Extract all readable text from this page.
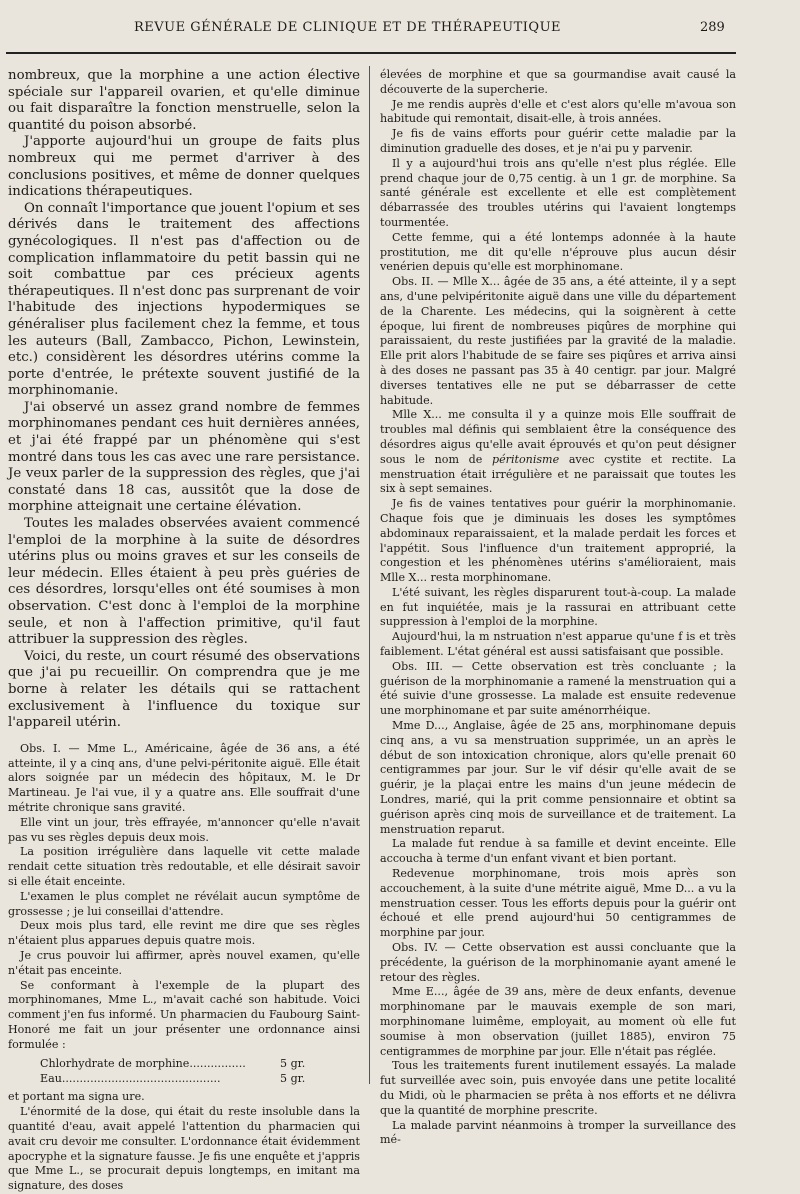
REVUE GÉNÉRALE DE CLINIQUE ET DE THÉRAPEUTIQUE	289

nombreux, que la morphine a une action élective spéciale sur l'appareil ovarien, et qu'elle diminue ou fait disparaître la fonction menstruelle, selon la quantité du poison absorbé.

J'apporte aujourd'hui un groupe de faits plus nombreux qui me permet d'arriver à des conclusions positives, et même de donner quelques indications thérapeutiques.

On connaît l'importance que jouent l'opium et ses dérivés dans le traitement des affections gynécologiques. Il n'est pas d'affection ou de complication inflammatoire du petit bassin qui ne soit combattue par ces précieux agents thérapeutiques. Il n'est donc pas surprenant de voir l'habitude des injections hypodermiques se généraliser plus facilement chez la femme, et tous les auteurs (Ball, Zambacco, Pichon, Lewinstein, etc.) considèrent les désordres utérins comme la porte d'entrée, le prétexte souvent justifié de la morphinomanie.

J'ai observé un assez grand nombre de femmes morphinomanes pendant ces huit dernières années, et j'ai été frappé par un phénomène qui s'est montré dans tous les cas avec une rare persistance. Je veux parler de la suppression des règles, que j'ai constaté dans 18 cas, aussitôt que la dose de morphine atteignait une certaine élévation.

Toutes les malades observées avaient commencé l'emploi de la morphine à la suite de désordres utérins plus ou moins graves et sur les conseils de leur médecin. Elles étaient à peu près guéries de ces désordres, lorsqu'elles ont été soumises à mon observation. C'est donc à l'emploi de la morphine seule, et non à l'affection primitive, qu'il faut attribuer la suppression des règles.

Voici, du reste, un court résumé des observations que j'ai pu recueillir. On comprendra que je me borne à relater les détails qui se rattachent exclusivement à l'influence du toxique sur l'appareil utérin.

Obs. I. — Mme L., Américaine, âgée de 36 ans, a été atteinte, il y a cinq ans, d'une pelvi-péritonite aiguë. Elle était alors soignée par un médecin des hôpitaux, M. le Dr Martineau. Je l'ai vue, il y a quatre ans. Elle souffrait d'une métrite chronique sans gravité.

Elle vint un jour, très effrayée, m'annoncer qu'elle n'avait pas vu ses règles depuis deux mois.

La position irrégulière dans laquelle vit cette malade rendait cette situation très redoutable, et elle désirait savoir si elle était enceinte.

L'examen le plus complet ne révélait aucun symptôme de grossesse ; je lui conseillai d'attendre.

Deux mois plus tard, elle revint me dire que ses règles n'étaient plus apparues depuis quatre mois.

Je crus pouvoir lui affirmer, après nouvel examen, qu'elle n'était pas enceinte.

Se conformant à l'exemple de la plupart des morphinomanes, Mme L., m'avait caché son habitude. Voici comment j'en fus informé. Un pharmacien du Faubourg Saint-Honoré me fait un jour présenter une ordonnance ainsi formulée :

Chlorhydrate de morphine................	5 gr.
Eau.............................................	5 gr.

et portant ma signa ure.

L'énormité de la dose, qui était du reste insoluble dans la quantité d'eau, avait appelé l'attention du pharmacien qui avait cru devoir me consulter. L'ordonnance était évidemment apocryphe et la signature fausse. Je fis une enquête et j'appris que Mme L., se procurait depuis longtemps, en imitant ma signature, des doses

élevées de morphine et que sa gourmandise avait causé la découverte de la supercherie.

Je me rendis auprès d'elle et c'est alors qu'elle m'avoua son habitude qui remontait, disait-elle, à trois années.

Je fis de vains efforts pour guérir cette maladie par la diminution graduelle des doses, et je n'ai pu y parvenir.

Il y a aujourd'hui trois ans qu'elle n'est plus réglée. Elle prend chaque jour de 0,75 centig. à un 1 gr. de morphine. Sa santé générale est excellente et elle est complètement débarrassée des troubles utérins qui l'avaient longtemps tourmentée.

Cette femme, qui a été lontemps adonnée à la haute prostitution, me dit qu'elle n'éprouve plus aucun désir venérien depuis qu'elle est morphinomane.

Obs. II. — Mlle X... âgée de 35 ans, a été atteinte, il y a sept ans, d'une pelvipéritonite aiguë dans une ville du département de la Charente. Les médecins, qui la soignèrent à cette époque, lui firent de nombreuses piqûres de morphine qui paraissaient, du reste justifiées par la gravité de la maladie. Elle prit alors l'habitude de se faire ses piqûres et arriva ainsi à des doses ne passant pas 35 à 40 centigr. par jour. Malgré diverses tentatives elle ne put se débarrasser de cette habitude.

Mlle X... me consulta il y a quinze mois Elle souffrait de troubles mal définis qui semblaient être la conséquence des désordres aigus qu'elle avait éprouvés et qu'on peut désigner sous le nom de péritonisme avec cystite et rectite. La menstruation était irrégulière et ne paraissait que toutes les six à sept semaines.

Je fis de vaines tentatives pour guérir la morphinomanie. Chaque fois que je diminuais les doses les symptômes abdominaux reparaissaient, et la malade perdait les forces et l'appétit. Sous l'influence d'un traitement approprié, la congestion et les phénomènes utérins s'amélioraient, mais Mlle X... resta morphinomane.

L'été suivant, les règles disparurent tout-à-coup. La malade en fut inquiétée, mais je la rassurai en attribuant cette suppression à l'emploi de la morphine.

Aujourd'hui, la m nstruation n'est apparue qu'une f is et très faiblement. L'état général est aussi satisfaisant que possible.

Obs. III. — Cette observation est très concluante ; la guérison de la morphinomanie a ramené la menstruation qui a été suivie d'une grossesse. La malade est ensuite redevenue une morphinomane et par suite aménorrhéique.

Mme D..., Anglaise, âgée de 25 ans, morphinomane depuis cinq ans, a vu sa menstruation supprimée, un an après le début de son intoxication chronique, alors qu'elle prenait 60 centigrammes par jour. Sur le vif désir qu'elle avait de se guérir, je la plaçai entre les mains d'un jeune médecin de Londres, marié, qui la prit comme pensionnaire et obtint sa guérison après cinq mois de surveillance et de traitement. La menstruation reparut.

La malade fut rendue à sa famille et devint enceinte. Elle accoucha à terme d'un enfant vivant et bien portant.

Redevenue morphinomane, trois mois après son accouchement, à la suite d'une métrite aiguë, Mme D... a vu la menstruation cesser. Tous les efforts depuis pour la guérir ont échoué et elle prend aujourd'hui 50 centigrammes de morphine par jour.

Obs. IV. — Cette observation est aussi concluante que la précédente, la guérison de la morphinomanie ayant amené le retour des règles.

Mme E..., âgée de 39 ans, mère de deux enfants, devenue morphinomane par le mauvais exemple de son mari, morphinomane luimême, employait, au moment où elle fut soumise à mon observation (juillet 1885), environ 75 centigrammes de morphine par jour. Elle n'était pas réglée.

Tous les traitements furent inutilement essayés. La malade fut surveillée avec soin, puis envoyée dans une petite localité du Midi, où le pharmacien se prêta à nos efforts et ne délivra que la quantité de morphine prescrite.

La malade parvint néanmoins à tromper la surveillance des mé-
